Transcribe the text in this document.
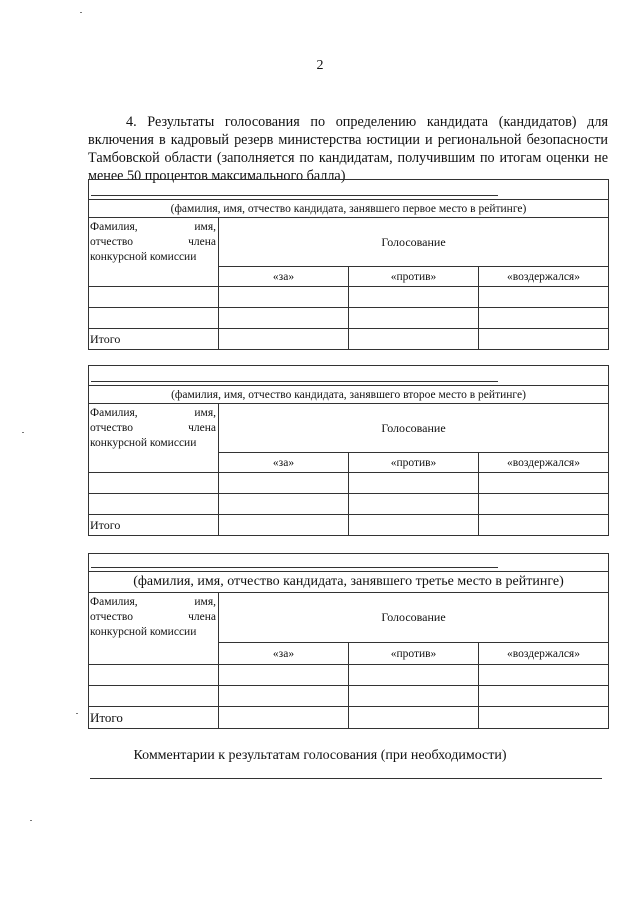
2

4. Результаты голосования по определению кандидата (кандидатов) для включения в кадровый резерв министерства юстиции и региональной безопасности Тамбовской области (заполняется по кандидатам, получившим по итогам оценки не менее 50 процентов максимального балла)

(фамилия, имя, отчество кандидата, занявшего первое место в рейтинге)			

Фамилия, имя,
отчество члена
конкурсной комиссии	Голосование		
	«за»	«против»	«воздержался»

Итого			

(фамилия, имя, отчество кандидата, занявшего второе место в рейтинге)			

Фамилия, имя,
отчество члена
конкурсной комиссии	Голосование		
	«за»	«против»	«воздержался»

Итого			

(фамилия, имя, отчество кандидата, занявшего третье место в рейтинге)			

Фамилия, имя,
отчество члена
конкурсной комиссии	Голосование		
	«за»	«против»	«воздержался»

Итого			
Комментарии к результатам голосования (при необходимости)
